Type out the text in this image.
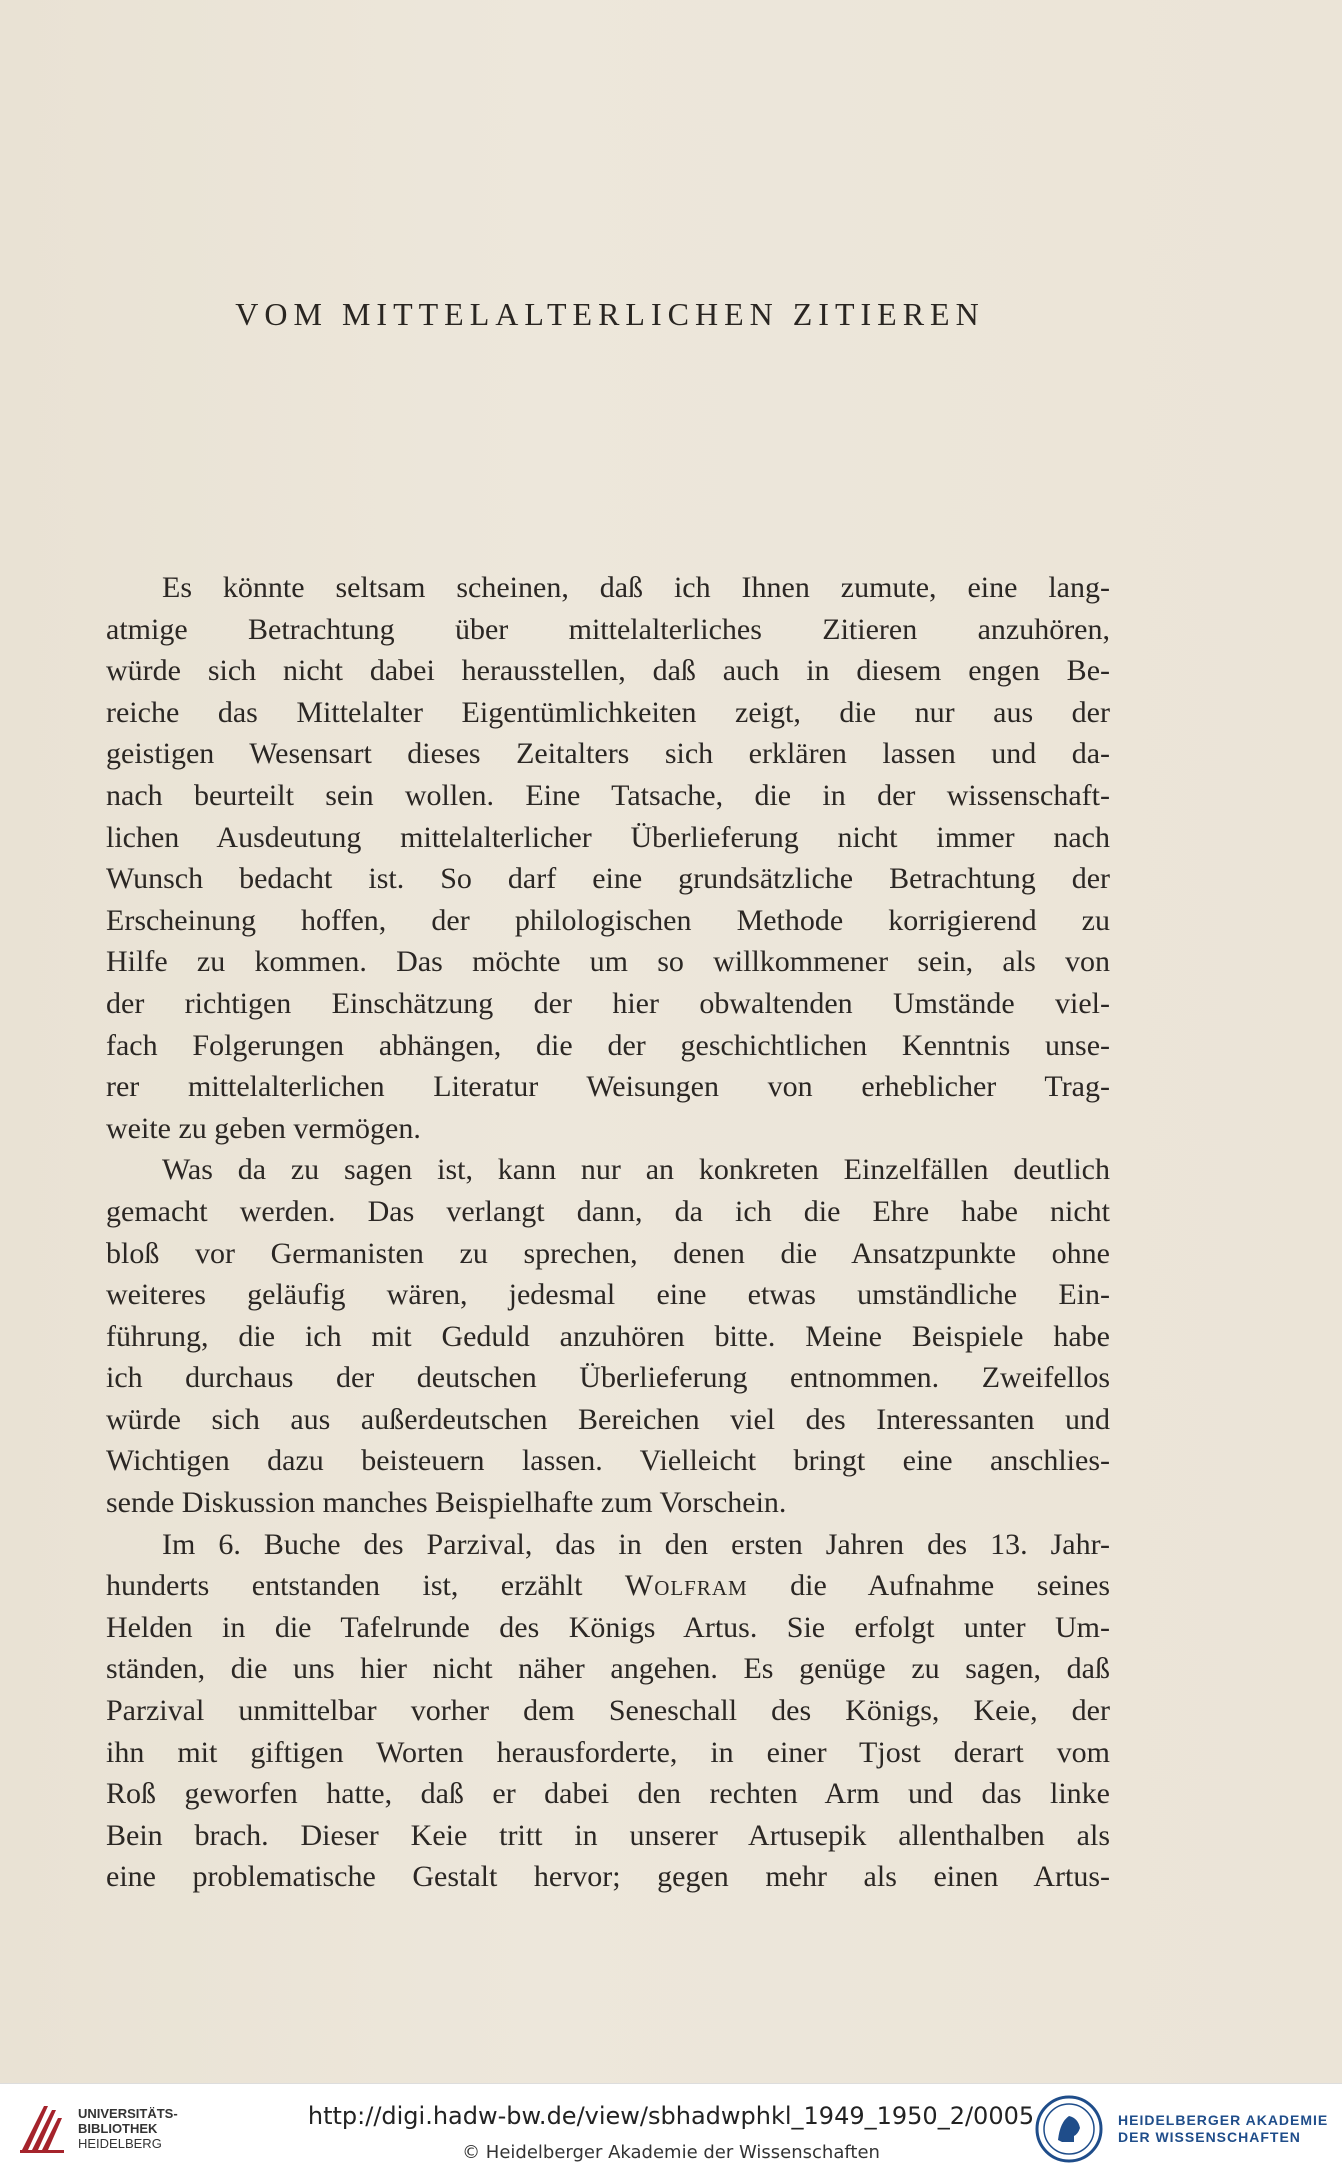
VOM MITTELALTERLICHEN ZITIEREN

Es könnte seltsam scheinen, daß ich Ihnen zumute, eine lang-
atmige Betrachtung über mittelalterliches Zitieren anzuhören,
würde sich nicht dabei herausstellen, daß auch in diesem engen Be-
reiche das Mittelalter Eigentümlichkeiten zeigt, die nur aus der
geistigen Wesensart dieses Zeitalters sich erklären lassen und da-
nach beurteilt sein wollen. Eine Tatsache, die in der wissenschaft-
lichen Ausdeutung mittelalterlicher Überlieferung nicht immer nach
Wunsch bedacht ist. So darf eine grundsätzliche Betrachtung der
Erscheinung hoffen, der philologischen Methode korrigierend zu
Hilfe zu kommen. Das möchte um so willkommener sein, als von
der richtigen Einschätzung der hier obwaltenden Umstände viel-
fach Folgerungen abhängen, die der geschichtlichen Kenntnis unse-
rer mittelalterlichen Literatur Weisungen von erheblicher Trag-
weite zu geben vermögen.

Was da zu sagen ist, kann nur an konkreten Einzelfällen deutlich
gemacht werden. Das verlangt dann, da ich die Ehre habe nicht
bloß vor Germanisten zu sprechen, denen die Ansatzpunkte ohne
weiteres geläufig wären, jedesmal eine etwas umständliche Ein-
führung, die ich mit Geduld anzuhören bitte. Meine Beispiele habe
ich durchaus der deutschen Überlieferung entnommen. Zweifellos
würde sich aus außerdeutschen Bereichen viel des Interessanten und
Wichtigen dazu beisteuern lassen. Vielleicht bringt eine anschlies-
sende Diskussion manches Beispielhafte zum Vorschein.

Im 6. Buche des Parzival, das in den ersten Jahren des 13. Jahr-
hunderts entstanden ist, erzählt Wolfram die Aufnahme seines
Helden in die Tafelrunde des Königs Artus. Sie erfolgt unter Um-
ständen, die uns hier nicht näher angehen. Es genüge zu sagen, daß
Parzival unmittelbar vorher dem Seneschall des Königs, Keie, der
ihn mit giftigen Worten herausforderte, in einer Tjost derart vom
Roß geworfen hatte, daß er dabei den rechten Arm und das linke
Bein brach. Dieser Keie tritt in unserer Artusepik allenthalben als
eine problematische Gestalt hervor; gegen mehr als einen Artus-

UNIVERSITÄTS-
BIBLIOTHEK
HEIDELBERG
http://digi.hadw-bw.de/view/sbhadwphkl_1949_1950_2/0005
© Heidelberger Akademie der Wissenschaften
HEIDELBERGER AKADEMIE
DER WISSENSCHAFTEN
